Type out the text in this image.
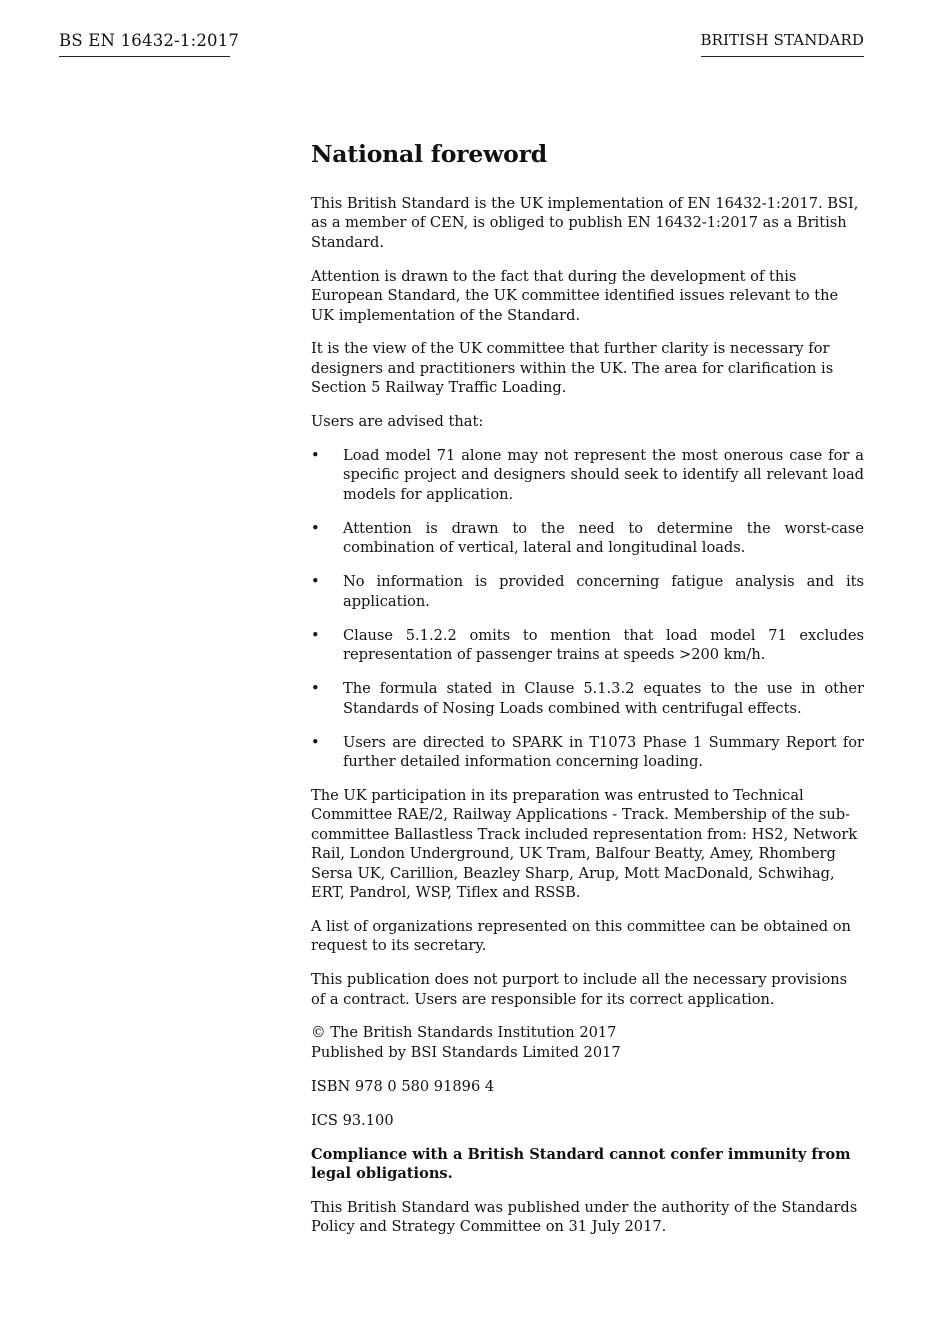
BS EN 16432-1:2017	BRITISH STANDARD
National foreword

This British Standard is the UK implementation of EN 16432-1:2017. BSI, as a member of CEN, is obliged to publish EN 16432-1:2017 as a British Standard.

Attention is drawn to the fact that during the development of this European Standard, the UK committee identified issues relevant to the UK implementation of the Standard.

It is the view of the UK committee that further clarity is necessary for designers and practitioners within the UK. The area for clarification is Section 5 Railway Traffic Loading.

Users are advised that:

• Load model 71 alone may not represent the most onerous case for a specific project and designers should seek to identify all relevant load models for application.
• Attention is drawn to the need to determine the worst-case combination of vertical, lateral and longitudinal loads.
• No information is provided concerning fatigue analysis and its application.
• Clause 5.1.2.2 omits to mention that load model 71 excludes representation of passenger trains at speeds >200 km/h.
• The formula stated in Clause 5.1.3.2 equates to the use in other Standards of Nosing Loads combined with centrifugal effects.
• Users are directed to SPARK in T1073 Phase 1 Summary Report for further detailed information concerning loading.

The UK participation in its preparation was entrusted to Technical Committee RAE/2, Railway Applications - Track. Membership of the sub-committee Ballastless Track included representation from: HS2, Network Rail, London Underground, UK Tram, Balfour Beatty, Amey, Rhomberg Sersa UK, Carillion, Beazley Sharp, Arup, Mott MacDonald, Schwihag, ERT, Pandrol, WSP, Tiflex and RSSB.

A list of organizations represented on this committee can be obtained on request to its secretary.

This publication does not purport to include all the necessary provisions of a contract. Users are responsible for its correct application.

© The British Standards Institution 2017
Published by BSI Standards Limited 2017

ISBN 978 0 580 91896 4

ICS 93.100

Compliance with a British Standard cannot confer immunity from legal obligations.

This British Standard was published under the authority of the Standards Policy and Strategy Committee on 31 July 2017.
